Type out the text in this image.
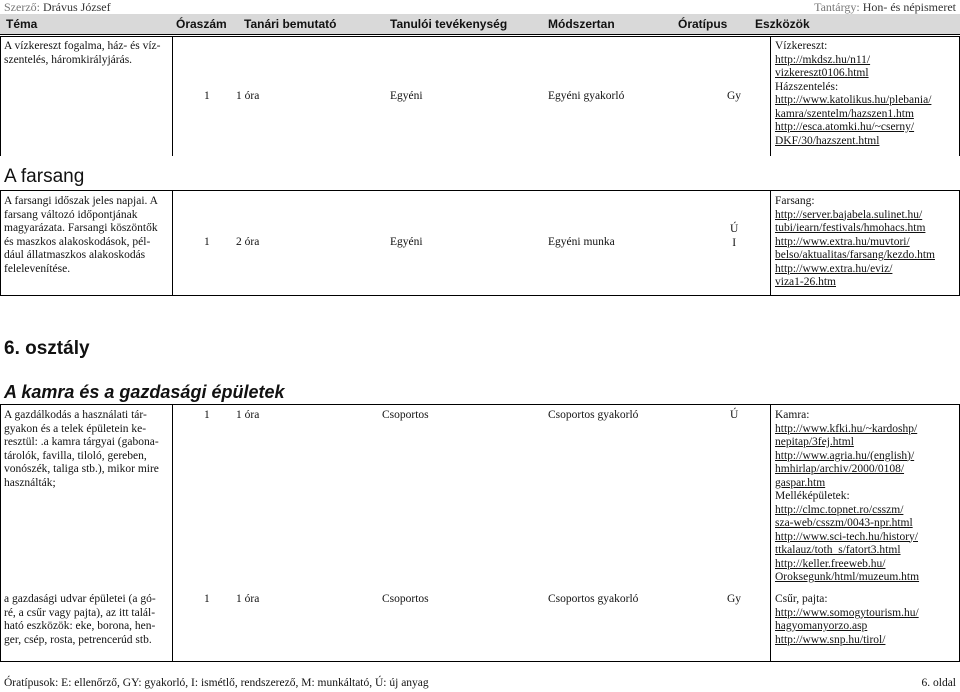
Szerző: Drávus József	Tantárgy: Hon- és népismeret
Téma	Óraszám Tanári bemutató	Tanulói tevékenység	Módszertan	Óratípus Eszközök
A vízkereszt fogalma, ház- és víz-
szentelés, háromkirályjárás.
1 1 óra	Egyéni	Egyéni gyakorló	Gy
Vízkereszt:
http://mkdsz.hu/n11/
vizkereszt0106.html
Házszentelés:
http://www.katolikus.hu/plebania/
kamra/szentelm/hazszen1.htm
http://esca.atomki.hu/~cserny/
DKF/30/hazszent.html
A farsang
A farsangi időszak jeles napjai. A
farsang változó időpontjának
magyarázata. Farsangi köszöntők
és maszkos alakoskodások, pél-
dául állatmaszkos alakoskodás
felelevenítése.
1 2 óra	Egyéni	Egyéni munka
Ú
I
Farsang:
http://server.bajabela.sulinet.hu/
tubi/iearn/festivals/hmohacs.htm
http://www.extra.hu/muvtori/
belso/aktualitas/farsang/kezdo.htm
http://www.extra.hu/eviz/
viza1-26.htm
6. osztály
A kamra és a gazdasági épületek
A gazdálkodás a használati tár-
gyakon és a telek épületein ke-
resztül: .a kamra tárgyai (gabona-
tárolók, favilla, tiloló, gereben,
vonószék, taliga stb.), mikor mire
használták;
1 1 óra	Csoportos	Csoportos gyakorló	Ú	Kamra:
http://www.kfki.hu/~kardoshp/
nepitap/3fej.html
http://www.agria.hu/(english)/
hmhirlap/archiv/2000/0108/
gaspar.htm
Melléképületek:
http://clmc.topnet.ro/csszm/
sza-web/csszm/0043-npr.html
http://www.sci-tech.hu/history/
ttkalauz/toth_s/fatort3.html
http://keller.freeweb.hu/
Oroksegunk/html/muzeum.htm
a gazdasági udvar épületei (a gó-
ré, a csűr vagy pajta), az itt talál-
ható eszközök: eke, borona, hen-
ger, csép, rosta, petrencerúd stb.
1 1 óra	Csoportos	Csoportos gyakorló	Gy	Csűr, pajta:
http://www.somogytourism.hu/
hagyomanyorzo.asp
http://www.snp.hu/tirol/
Óratípusok: E: ellenőrző, GY: gyakorló, I: ismétlő, rendszerező, M: munkáltató, Ú: új anyag	6. oldal
